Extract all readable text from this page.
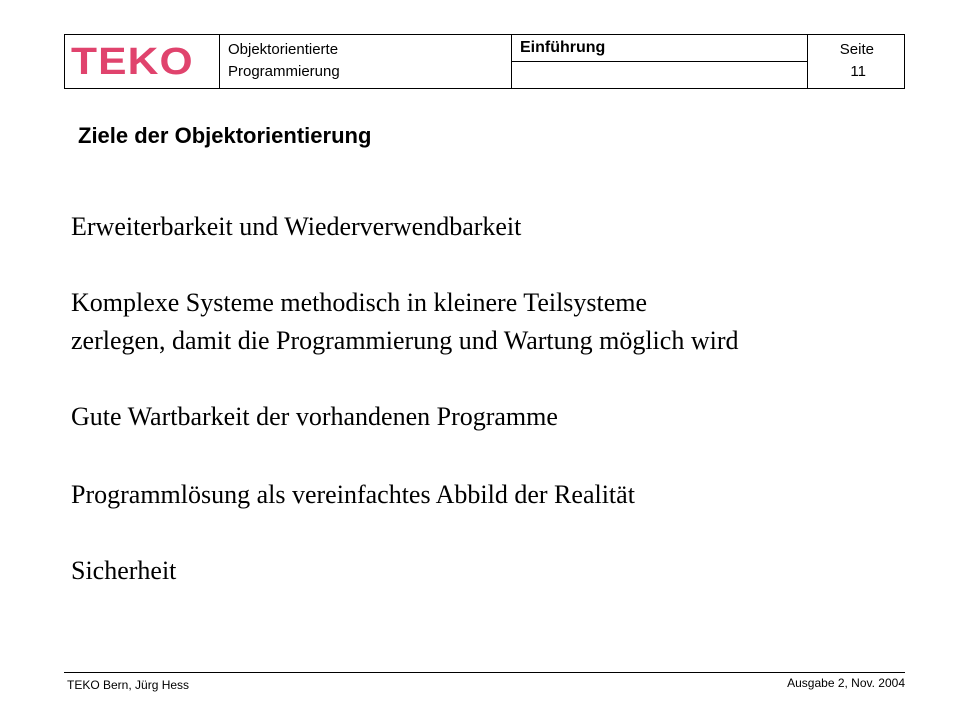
TEKO	Objektorientierte
Programmierung
Einführung	Seite
11
Ziele der Objektorientierung
Erweiterbarkeit und Wiederverwendbarkeit
Komplexe Systeme methodisch in kleinere Teilsysteme
zerlegen, damit die Programmierung und Wartung möglich wird
Gute Wartbarkeit der vorhandenen Programme
Programmlösung als vereinfachtes Abbild der Realität
Sicherheit
TEKO Bern, Jürg Hess	Ausgabe 2, Nov. 2004
